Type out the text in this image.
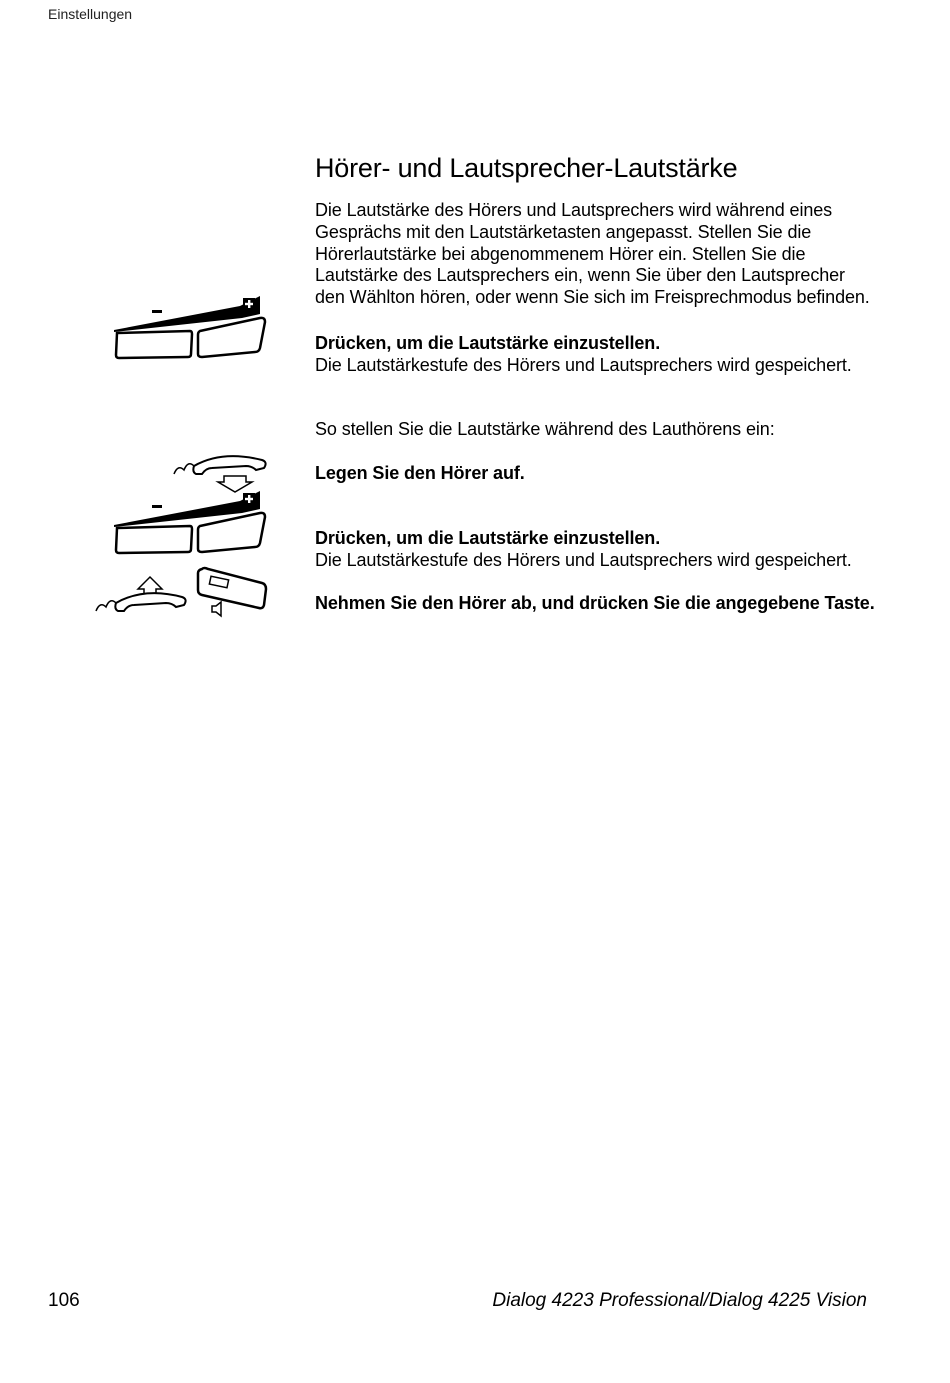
Einstellungen
Hörer- und Lautsprecher-Lautstärke

Die Lautstärke des Hörers und Lautsprechers wird während eines Gesprächs mit den Lautstärketasten angepasst. Stellen Sie die Hörerlautstärke bei abgenommenem Hörer ein. Stellen Sie die Lautstärke des Lautsprechers ein, wenn Sie über den Lautsprecher den Wählton hören, oder wenn Sie sich im Freisprechmodus befinden.

Drücken, um die Lautstärke einzustellen.
Die Lautstärkestufe des Hörers und Lautsprechers wird gespeichert.

So stellen Sie die Lautstärke während des Lauthörens ein:

Legen Sie den Hörer auf.

Drücken, um die Lautstärke einzustellen.
Die Lautstärkestufe des Hörers und Lautsprechers wird gespeichert.

Nehmen Sie den Hörer ab, und drücken Sie die angegebene Taste.

106	Dialog 4223 Professional/Dialog 4225 Vision
